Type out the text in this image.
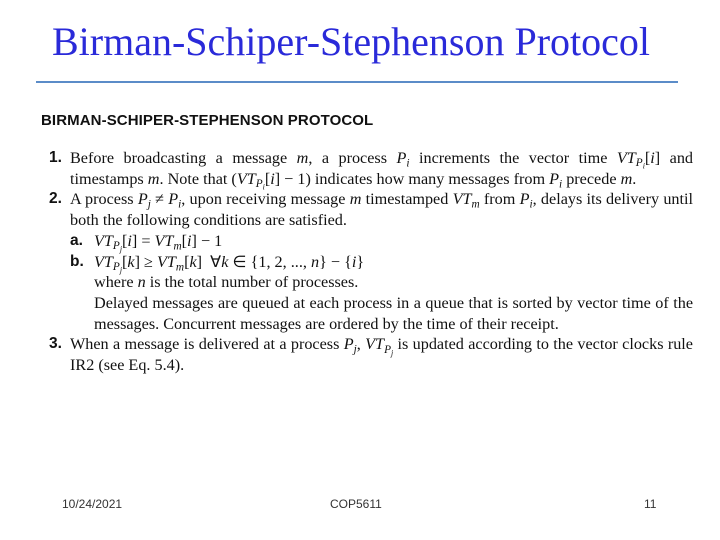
Birman-Schiper-Stephenson Protocol
BIRMAN-SCHIPER-STEPHENSON PROTOCOL
1. Before broadcasting a message m, a process $P_i$ increments the vector time $VT_{P_i}[i]$ and timestamps m. Note that $(VT_{P_i}[i] - 1)$ indicates how many messages from $P_i$ precede m.
2. A process $P_j \ne P_i$, upon receiving message m timestamped $VT_m$ from $P_i$, delays its delivery until both the following conditions are satisfied.
a. $VT_{P_j}[i] = VT_m[i] - 1$
b. $VT_{P_j}[k] \ge VT_m[k]$  ∀k ∈ {1, 2, ..., n} − {i}
where n is the total number of processes.
Delayed messages are queued at each process in a queue that is sorted by vector time of the messages. Concurrent messages are ordered by the time of their receipt.
3. When a message is delivered at a process $P_j$, $VT_{P_j}$ is updated according to the vector clocks rule IR2 (see Eq. 5.4).
10/24/2021	COP5611	11
